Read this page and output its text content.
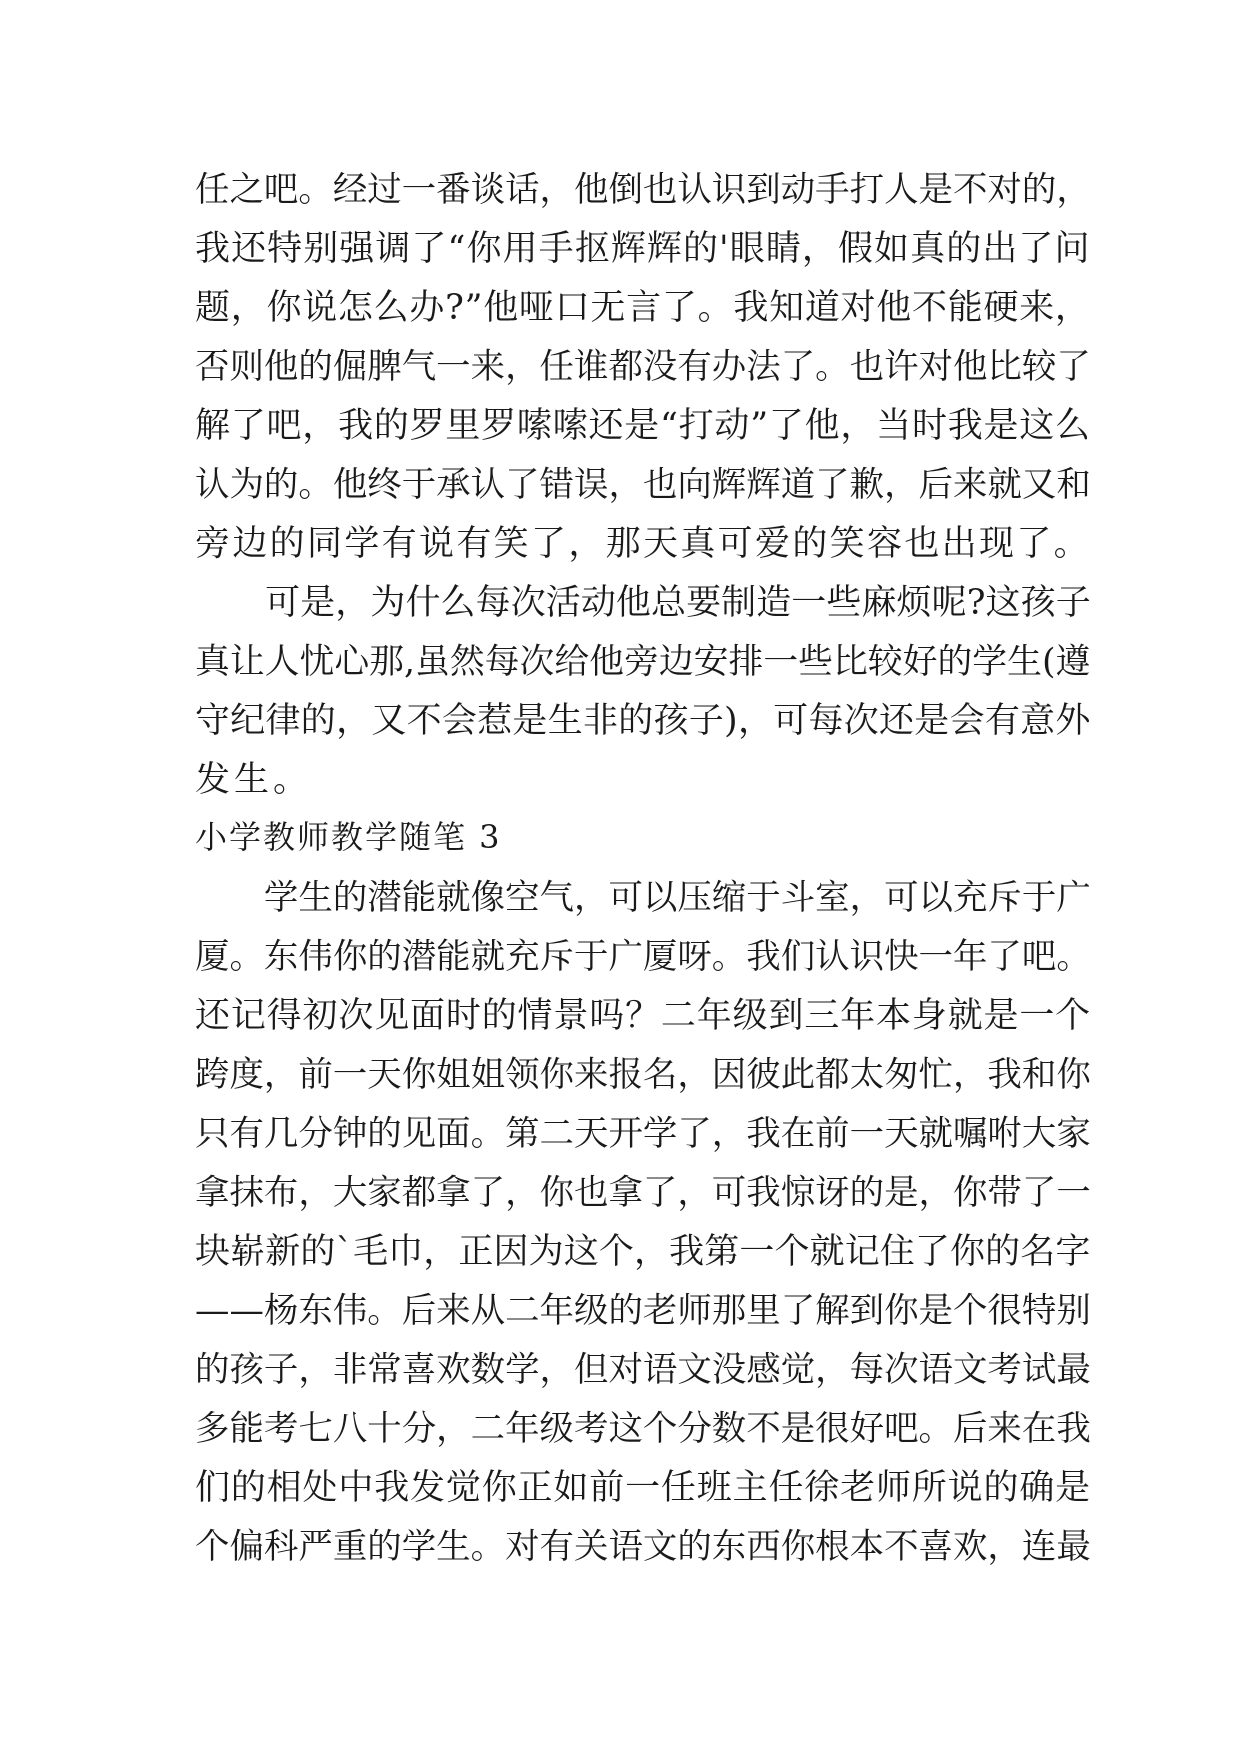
任之吧。经过一番谈话，他倒也认识到动手打人是不对的，
我还特别强调了“你用手抠辉辉的'眼睛，假如真的出了问
题，你说怎么办?”他哑口无言了。我知道对他不能硬来，
否则他的倔脾气一来，任谁都没有办法了。也许对他比较了
解了吧，我的罗里罗嗦嗦还是“打动”了他，当时我是这么
认为的。他终于承认了错误，也向辉辉道了歉，后来就又和
旁边的同学有说有笑了，那天真可爱的笑容也出现了。
　　可是，为什么每次活动他总要制造一些麻烦呢?这孩子
真让人忧心那,虽然每次给他旁边安排一些比较好的学生(遵
守纪律的，又不会惹是生非的孩子)，可每次还是会有意外
发生。
小学教师教学随笔 3
　　学生的潜能就像空气，可以压缩于斗室，可以充斥于广
厦。东伟你的潜能就充斥于广厦呀。我们认识快一年了吧。
还记得初次见面时的情景吗？二年级到三年本身就是一个
跨度，前一天你姐姐领你来报名，因彼此都太匆忙，我和你
只有几分钟的见面。第二天开学了，我在前一天就嘱咐大家
拿抹布，大家都拿了，你也拿了，可我惊讶的是，你带了一
块崭新的`毛巾，正因为这个，我第一个就记住了你的名字
——杨东伟。后来从二年级的老师那里了解到你是个很特别
的孩子，非常喜欢数学，但对语文没感觉，每次语文考试最
多能考七八十分，二年级考这个分数不是很好吧。后来在我
们的相处中我发觉你正如前一任班主任徐老师所说的确是
个偏科严重的学生。对有关语文的东西你根本不喜欢，连最
